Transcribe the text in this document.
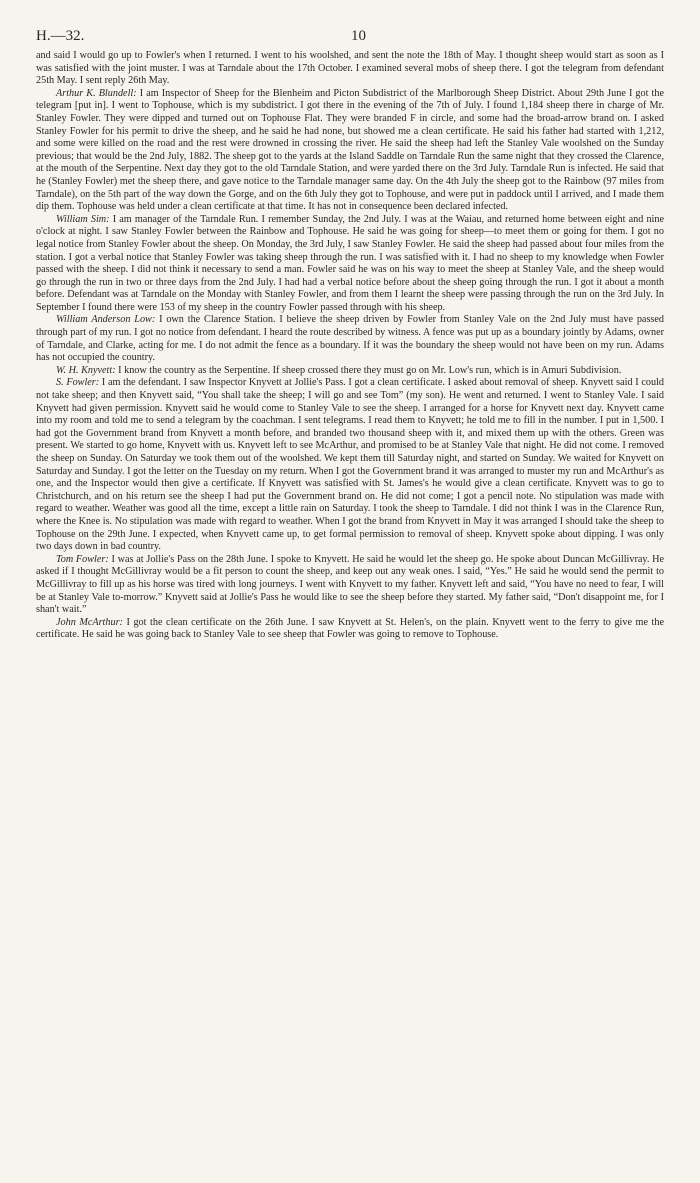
H.—32.	10

and said I would go up to Fowler's when I returned. I went to his woolshed, and sent the note the 18th of May. I thought sheep would start as soon as I was satisfied with the joint muster. I was at Tarndale about the 17th October. I examined several mobs of sheep there. I got the telegram from defendant 25th May. I sent reply 26th May.

Arthur K. Blundell: I am Inspector of Sheep for the Blenheim and Picton Subdistrict of the Marlborough Sheep District. About 29th June I got the telegram [put in]. I went to Tophouse, which is my subdistrict. I got there in the evening of the 7th of July. I found 1,184 sheep there in charge of Mr. Stanley Fowler. They were dipped and turned out on Tophouse Flat. They were branded F in circle, and some had the broad-arrow brand on. I asked Stanley Fowler for his permit to drive the sheep, and he said he had none, but showed me a clean certificate. He said his father had started with 1,212, and some were killed on the road and the rest were drowned in crossing the river. He said the sheep had left the Stanley Vale woolshed on the Sunday previous; that would be the 2nd July, 1882. The sheep got to the yards at the Island Saddle on Tarndale Run the same night that they crossed the Clarence, at the mouth of the Serpentine. Next day they got to the old Tarndale Station, and were yarded there on the 3rd July. Tarndale Run is infected. He said that he (Stanley Fowler) met the sheep there, and gave notice to the Tarndale manager same day. On the 4th July the sheep got to the Rainbow (97 miles from Tarndale), on the 5th part of the way down the Gorge, and on the 6th July they got to Tophouse, and were put in paddock until I arrived, and I made them dip them. Tophouse was held under a clean certificate at that time. It has not in consequence been declared infected.

William Sim: I am manager of the Tarndale Run. I remember Sunday, the 2nd July. I was at the Waiau, and returned home between eight and nine o'clock at night. I saw Stanley Fowler between the Rainbow and Tophouse. He said he was going for sheep—to meet them or going for them. I got no legal notice from Stanley Fowler about the sheep. On Monday, the 3rd July, I saw Stanley Fowler. He said the sheep had passed about four miles from the station. I got a verbal notice that Stanley Fowler was taking sheep through the run. I was satisfied with it. I had no sheep to my knowledge when Fowler passed with the sheep. I did not think it necessary to send a man. Fowler said he was on his way to meet the sheep at Stanley Vale, and the sheep would go through the run in two or three days from the 2nd July. I had had a verbal notice before about the sheep going through the run. I got it about a month before. Defendant was at Tarndale on the Monday with Stanley Fowler, and from them I learnt the sheep were passing through the run on the 3rd July. In September I found there were 153 of my sheep in the country Fowler passed through with his sheep.

William Anderson Low: I own the Clarence Station. I believe the sheep driven by Fowler from Stanley Vale on the 2nd July must have passed through part of my run. I got no notice from defendant. I heard the route described by witness. A fence was put up as a boundary jointly by Adams, owner of Tarndale, and Clarke, acting for me. I do not admit the fence as a boundary. If it was the boundary the sheep would not have been on my run. Adams has not occupied the country.

W. H. Knyvett: I know the country as the Serpentine. If sheep crossed there they must go on Mr. Low's run, which is in Amuri Subdivision.

S. Fowler: I am the defendant. I saw Inspector Knyvett at Jollie's Pass. I got a clean certificate. I asked about removal of sheep. Knyvett said I could not take sheep; and then Knyvett said, “You shall take the sheep; I will go and see Tom” (my son). He went and returned. I went to Stanley Vale. I said Knyvett had given permission. Knyvett said he would come to Stanley Vale to see the sheep. I arranged for a horse for Knyvett next day. Knyvett came into my room and told me to send a telegram by the coachman. I sent telegrams. I read them to Knyvett; he told me to fill in the number. I put in 1,500. I had got the Government brand from Knyvett a month before, and branded two thousand sheep with it, and mixed them up with the others. Green was present. We started to go home, Knyvett with us. Knyvett left to see McArthur, and promised to be at Stanley Vale that night. He did not come. I removed the sheep on Sunday. On Saturday we took them out of the woolshed. We kept them till Saturday night, and started on Sunday. We waited for Knyvett on Saturday and Sunday. I got the letter on the Tuesday on my return. When I got the Government brand it was arranged to muster my run and McArthur's as one, and the Inspector would then give a certificate. If Knyvett was satisfied with St. James's he would give a clean certificate. Knyvett was to go to Christchurch, and on his return see the sheep I had put the Government brand on. He did not come; I got a pencil note. No stipulation was made with regard to weather. Weather was good all the time, except a little rain on Saturday. I took the sheep to Tarndale. I did not think I was in the Clarence Run, where the Knee is. No stipulation was made with regard to weather. When I got the brand from Knyvett in May it was arranged I should take the sheep to Tophouse on the 29th June. I expected, when Knyvett came up, to get formal permission to removal of sheep. Knyvett spoke about dipping. I was only two days down in bad country.

Tom Fowler: I was at Jollie's Pass on the 28th June. I spoke to Knyvett. He said he would let the sheep go. He spoke about Duncan McGillivray. He asked if I thought McGillivray would be a fit person to count the sheep, and keep out any weak ones. I said, “Yes.” He said he would send the permit to McGillivray to fill up as his horse was tired with long journeys. I went with Knyvett to my father. Knyvett left and said, “You have no need to fear, I will be at Stanley Vale to-morrow.” Knyvett said at Jollie's Pass he would like to see the sheep before they started. My father said, “Don't disappoint me, for I shan't wait.”

John McArthur: I got the clean certificate on the 26th June. I saw Knyvett at St. Helen's, on the plain. Knyvett went to the ferry to give me the certificate. He said he was going back to Stanley Vale to see sheep that Fowler was going to remove to Tophouse.
